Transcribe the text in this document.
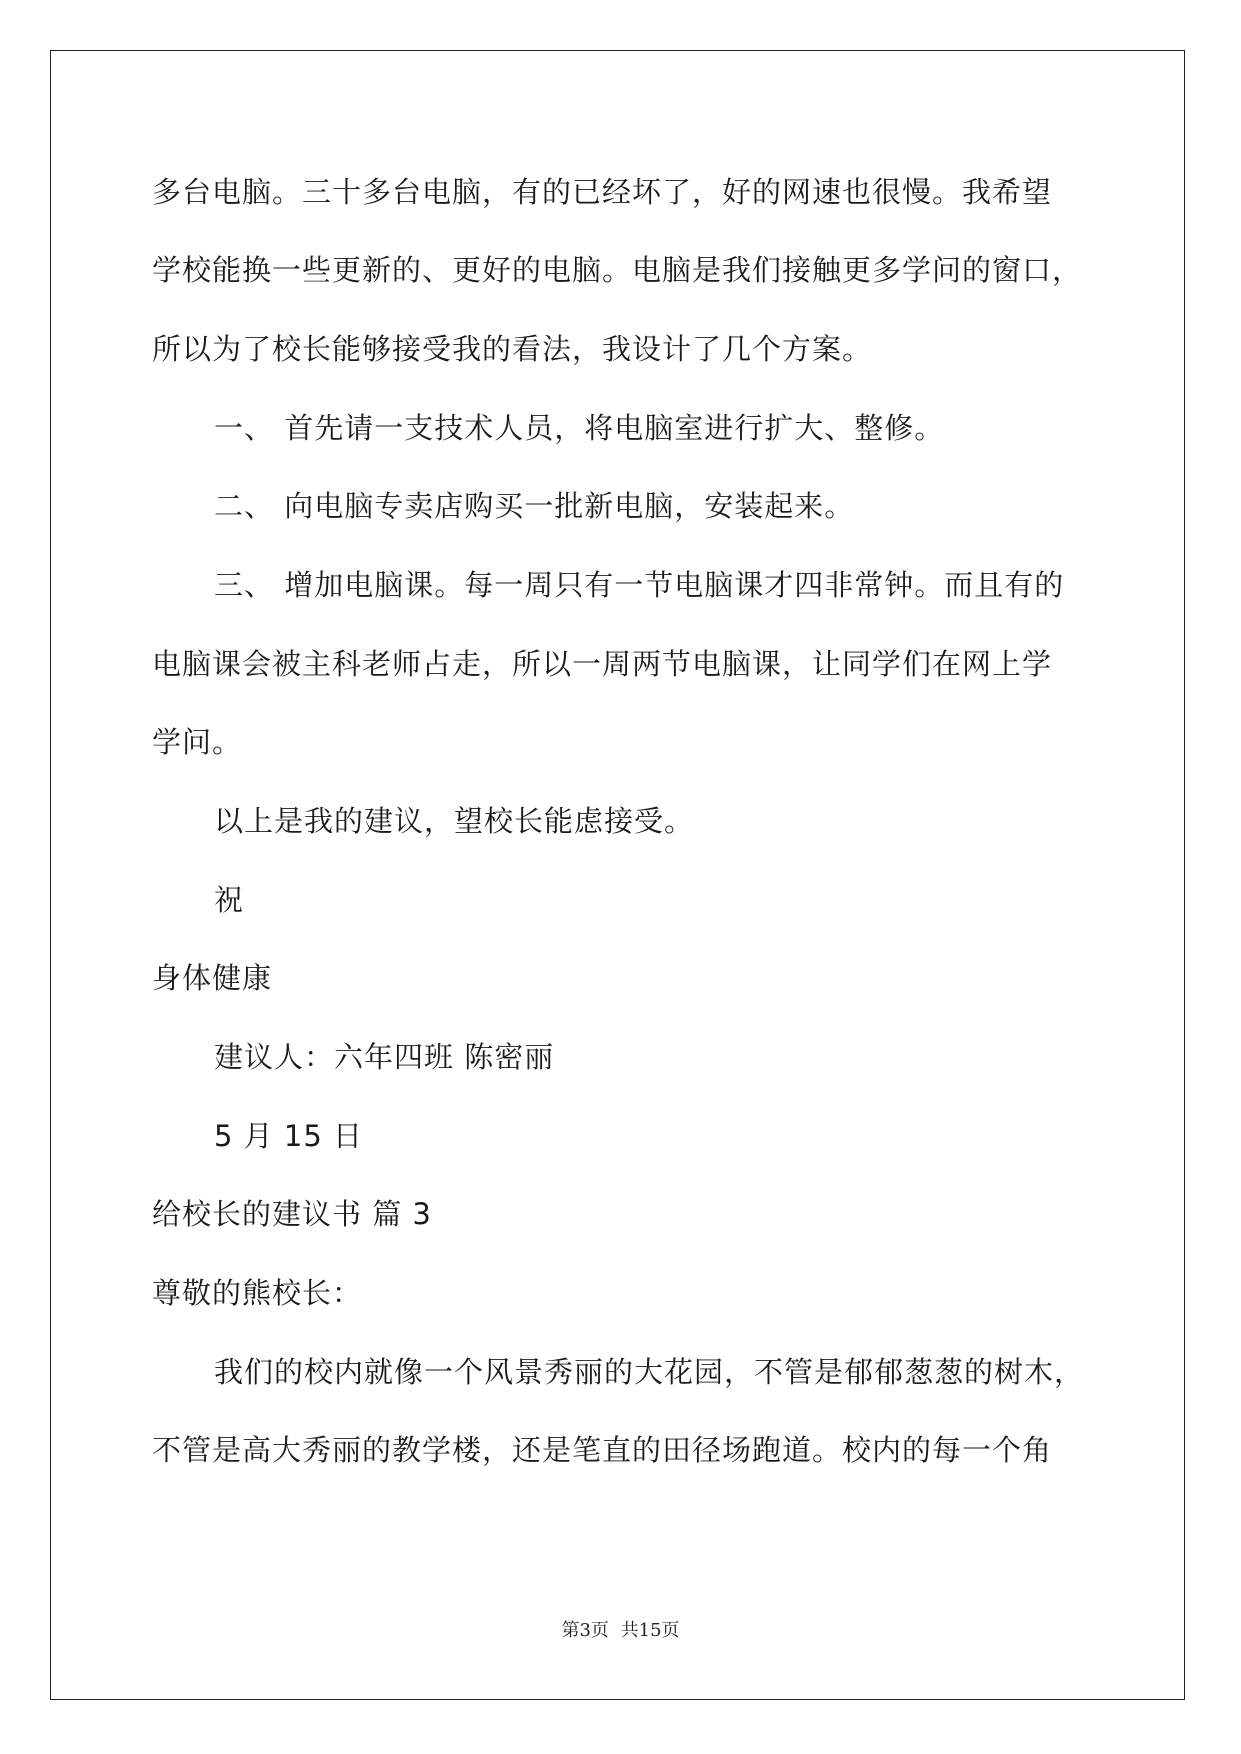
多台电脑。三十多台电脑，有的已经坏了，好的网速也很慢。我希望
学校能换一些更新的、更好的电脑。电脑是我们接触更多学问的窗口，
所以为了校长能够接受我的看法，我设计了几个方案。
一、 首先请一支技术人员，将电脑室进行扩大、整修。
二、 向电脑专卖店购买一批新电脑，安装起来。
三、 增加电脑课。每一周只有一节电脑课才四非常钟。而且有的
电脑课会被主科老师占走，所以一周两节电脑课，让同学们在网上学
学问。
以上是我的建议，望校长能虑接受。
祝
身体健康
建议人：六年四班 陈密丽
5 月 15 日
给校长的建议书 篇 3
尊敬的熊校长：
我们的校内就像一个风景秀丽的大花园，不管是郁郁葱葱的树木，
不管是高大秀丽的教学楼，还是笔直的田径场跑道。校内的每一个角
第3页 共15页
